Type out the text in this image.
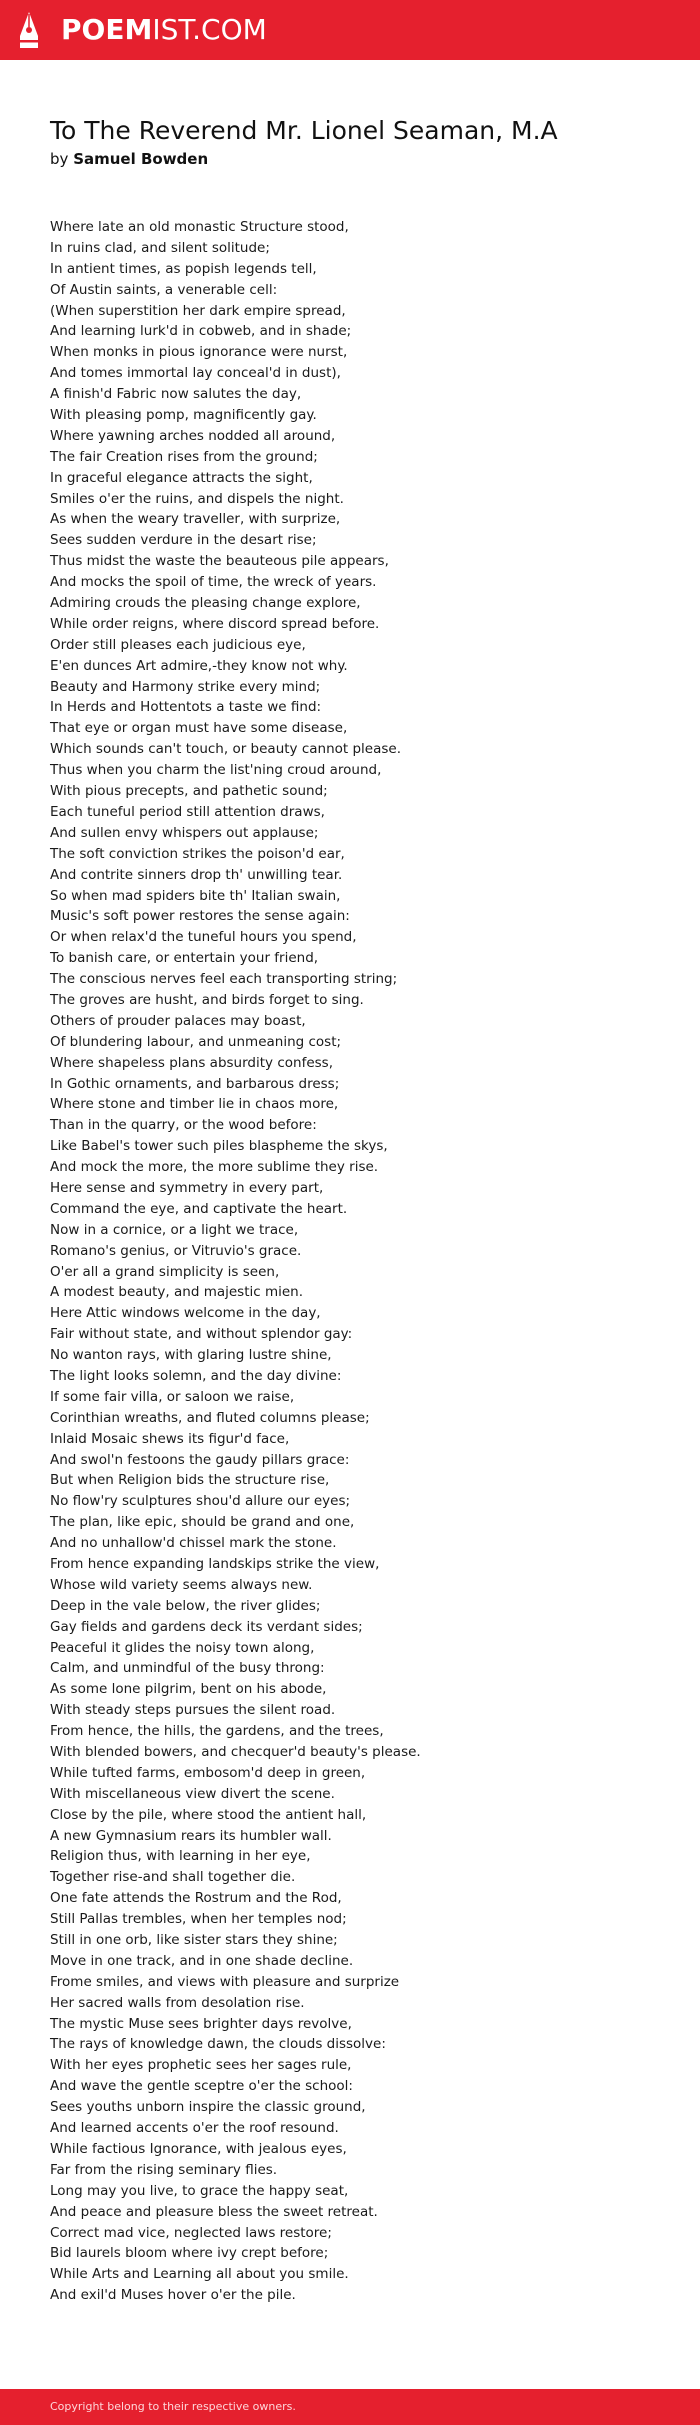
POEMIST.COM
To The Reverend Mr. Lionel Seaman, M.A
by Samuel Bowden
Where late an old monastic Structure stood,
In ruins clad, and silent solitude;
In antient times, as popish legends tell,
Of Austin saints, a venerable cell:
(When superstition her dark empire spread,
And learning lurk'd in cobweb, and in shade;
When monks in pious ignorance were nurst,
And tomes immortal lay conceal'd in dust),
A finish'd Fabric now salutes the day,
With pleasing pomp, magnificently gay.
Where yawning arches nodded all around,
The fair Creation rises from the ground;
In graceful elegance attracts the sight,
Smiles o'er the ruins, and dispels the night.
As when the weary traveller, with surprize,
Sees sudden verdure in the desart rise;
Thus midst the waste the beauteous pile appears,
And mocks the spoil of time, the wreck of years.
Admiring crouds the pleasing change explore,
While order reigns, where discord spread before.
Order still pleases each judicious eye,
E'en dunces Art admire,-they know not why.
Beauty and Harmony strike every mind;
In Herds and Hottentots a taste we find:
That eye or organ must have some disease,
Which sounds can't touch, or beauty cannot please.
Thus when you charm the list'ning croud around,
With pious precepts, and pathetic sound;
Each tuneful period still attention draws,
And sullen envy whispers out applause;
The soft conviction strikes the poison'd ear,
And contrite sinners drop th' unwilling tear.
So when mad spiders bite th' Italian swain,
Music's soft power restores the sense again:
Or when relax'd the tuneful hours you spend,
To banish care, or entertain your friend,
The conscious nerves feel each transporting string;
The groves are husht, and birds forget to sing.
Others of prouder palaces may boast,
Of blundering labour, and unmeaning cost;
Where shapeless plans absurdity confess,
In Gothic ornaments, and barbarous dress;
Where stone and timber lie in chaos more,
Than in the quarry, or the wood before:
Like Babel's tower such piles blaspheme the skys,
And mock the more, the more sublime they rise.
Here sense and symmetry in every part,
Command the eye, and captivate the heart.
Now in a cornice, or a light we trace,
Romano's genius, or Vitruvio's grace.
O'er all a grand simplicity is seen,
A modest beauty, and majestic mien.
Here Attic windows welcome in the day,
Fair without state, and without splendor gay:
No wanton rays, with glaring lustre shine,
The light looks solemn, and the day divine:
If some fair villa, or saloon we raise,
Corinthian wreaths, and fluted columns please;
Inlaid Mosaic shews its figur'd face,
And swol'n festoons the gaudy pillars grace:
But when Religion bids the structure rise,
No flow'ry sculptures shou'd allure our eyes;
The plan, like epic, should be grand and one,
And no unhallow'd chissel mark the stone.
From hence expanding landskips strike the view,
Whose wild variety seems always new.
Deep in the vale below, the river glides;
Gay fields and gardens deck its verdant sides;
Peaceful it glides the noisy town along,
Calm, and unmindful of the busy throng:
As some lone pilgrim, bent on his abode,
With steady steps pursues the silent road.
From hence, the hills, the gardens, and the trees,
With blended bowers, and checquer'd beauty's please.
While tufted farms, embosom'd deep in green,
With miscellaneous view divert the scene.
Close by the pile, where stood the antient hall,
A new Gymnasium rears its humbler wall.
Religion thus, with learning in her eye,
Together rise-and shall together die.
One fate attends the Rostrum and the Rod,
Still Pallas trembles, when her temples nod;
Still in one orb, like sister stars they shine;
Move in one track, and in one shade decline.
Frome smiles, and views with pleasure and surprize
Her sacred walls from desolation rise.
The mystic Muse sees brighter days revolve,
The rays of knowledge dawn, the clouds dissolve:
With her eyes prophetic sees her sages rule,
And wave the gentle sceptre o'er the school:
Sees youths unborn inspire the classic ground,
And learned accents o'er the roof resound.
While factious Ignorance, with jealous eyes,
Far from the rising seminary flies.
Long may you live, to grace the happy seat,
And peace and pleasure bless the sweet retreat.
Correct mad vice, neglected laws restore;
Bid laurels bloom where ivy crept before;
While Arts and Learning all about you smile.
And exil'd Muses hover o'er the pile.
Copyright belong to their respective owners.
